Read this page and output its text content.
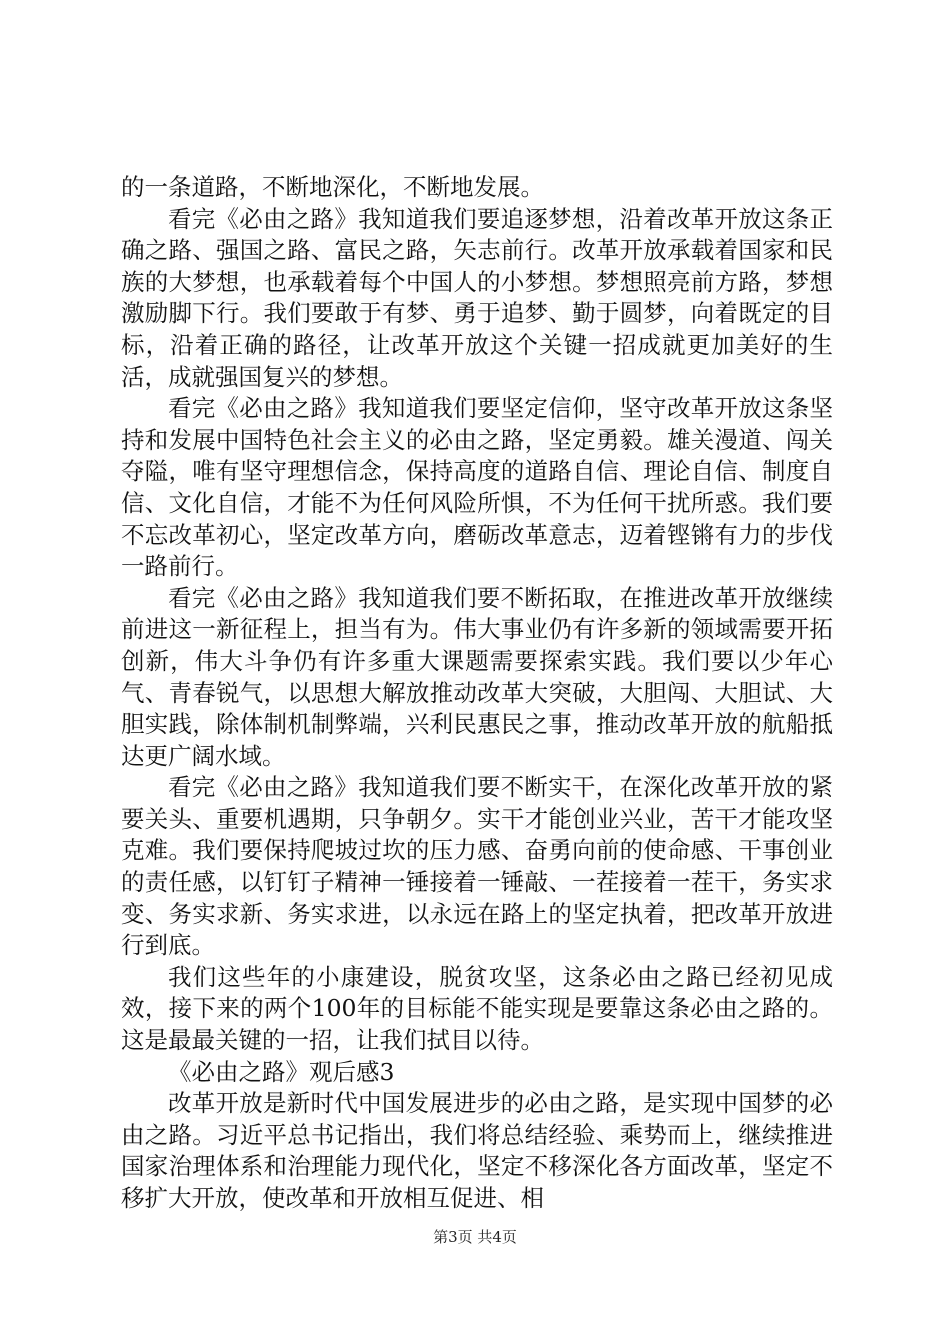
的一条道路，不断地深化，不断地发展。

看完《必由之路》我知道我们要追逐梦想，沿着改革开放这条正确之路、强国之路、富民之路，矢志前行。改革开放承载着国家和民族的大梦想，也承载着每个中国人的小梦想。梦想照亮前方路，梦想激励脚下行。我们要敢于有梦、勇于追梦、勤于圆梦，向着既定的目标，沿着正确的路径，让改革开放这个关键一招成就更加美好的生活，成就强国复兴的梦想。

看完《必由之路》我知道我们要坚定信仰，坚守改革开放这条坚持和发展中国特色社会主义的必由之路，坚定勇毅。雄关漫道、闯关夺隘，唯有坚守理想信念，保持高度的道路自信、理论自信、制度自信、文化自信，才能不为任何风险所惧，不为任何干扰所惑。我们要不忘改革初心，坚定改革方向，磨砺改革意志，迈着铿锵有力的步伐一路前行。

看完《必由之路》我知道我们要不断拓取，在推进改革开放继续前进这一新征程上，担当有为。伟大事业仍有许多新的领域需要开拓创新，伟大斗争仍有许多重大课题需要探索实践。我们要以少年心气、青春锐气，以思想大解放推动改革大突破，大胆闯、大胆试、大胆实践，除体制机制弊端，兴利民惠民之事，推动改革开放的航船抵达更广阔水域。

看完《必由之路》我知道我们要不断实干，在深化改革开放的紧要关头、重要机遇期，只争朝夕。实干才能创业兴业，苦干才能攻坚克难。我们要保持爬坡过坎的压力感、奋勇向前的使命感、干事创业的责任感，以钉钉子精神一锤接着一锤敲、一茬接着一茬干，务实求变、务实求新、务实求进，以永远在路上的坚定执着，把改革开放进行到底。

我们这些年的小康建设，脱贫攻坚，这条必由之路已经初见成效，接下来的两个100年的目标能不能实现是要靠这条必由之路的。这是最最关键的一招，让我们拭目以待。

《必由之路》观后感3

改革开放是新时代中国发展进步的必由之路，是实现中国梦的必由之路。习近平总书记指出，我们将总结经验、乘势而上，继续推进国家治理体系和治理能力现代化，坚定不移深化各方面改革，坚定不移扩大开放，使改革和开放相互促进、相

第3页 共4页
